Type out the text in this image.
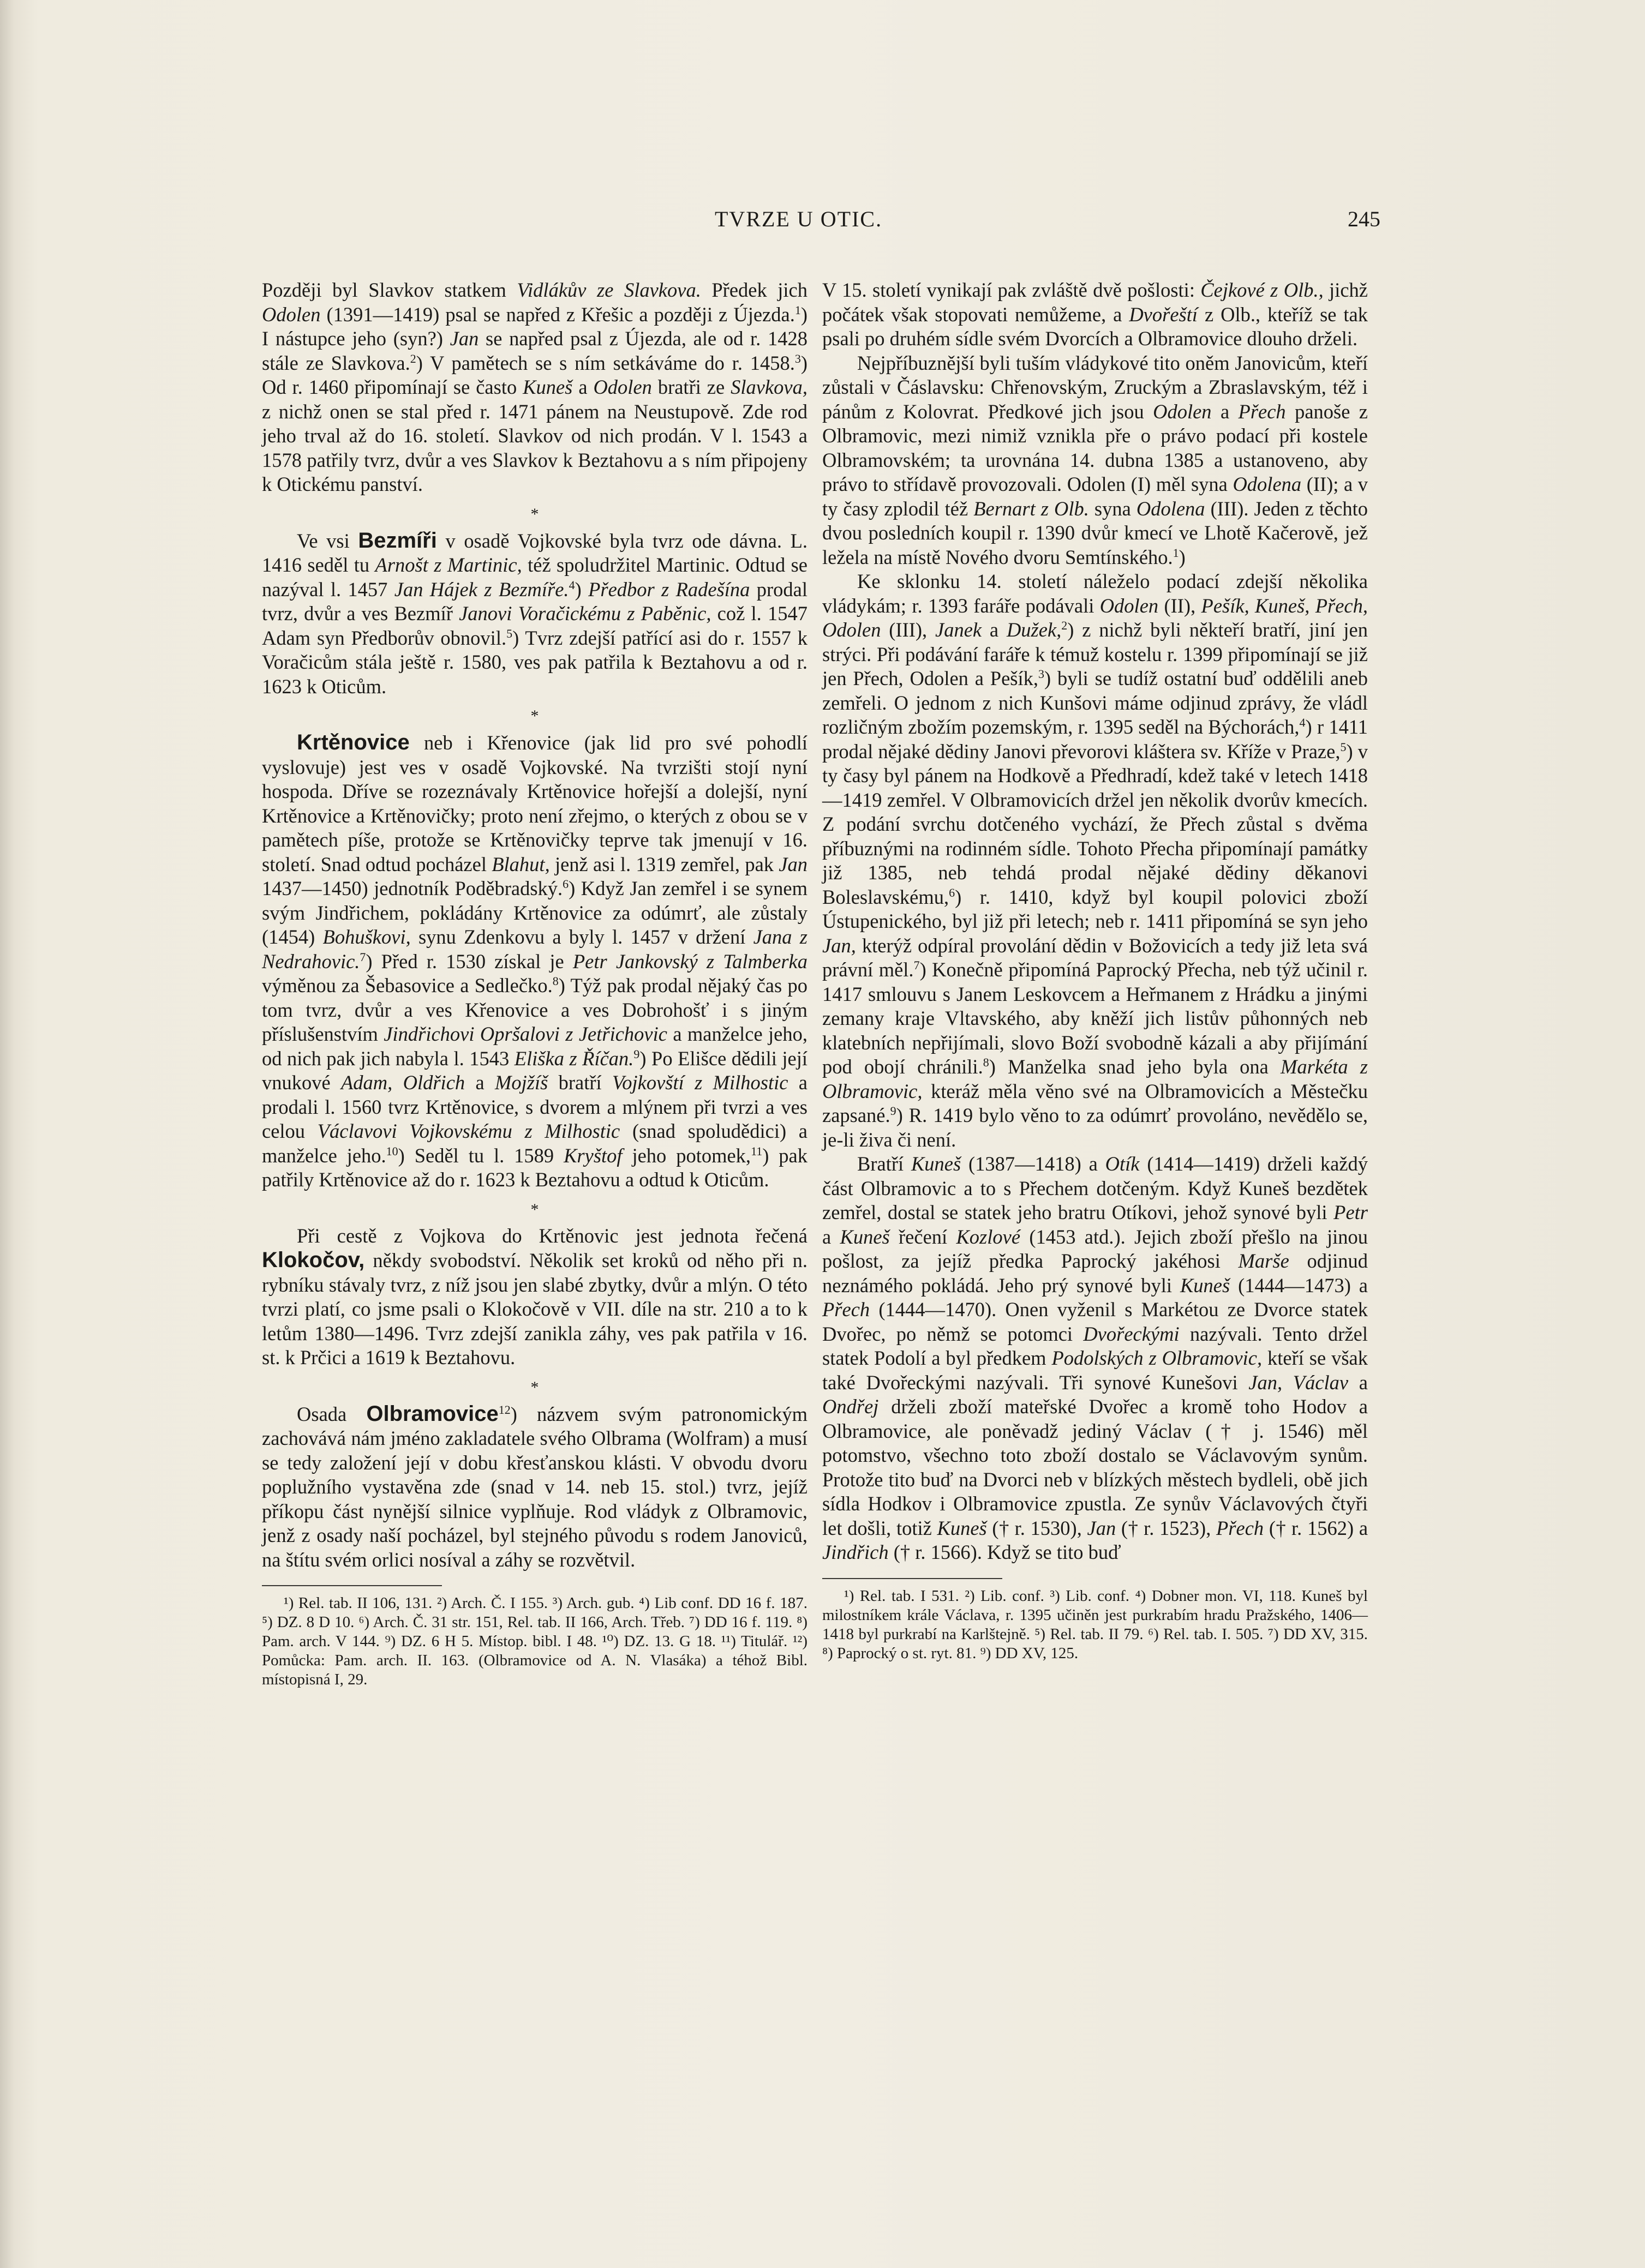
TVRZE U OTIC.	245

Později byl Slavkov statkem Vidlákův ze Slavkova. Předek jich Odolen (1391—1419) psal se napřed z Křešic a později z Újezda.$^1$) I nástupce jeho (syn?) Jan se napřed psal z Újezda, ale od r. 1428 stále ze Slavkova.$^2$) V pamětech se s ním setkáváme do r. 1458.$^3$) Od r. 1460 připomínají se často Kuneš a Odolen bratři ze Slavkova, z nichž onen se stal před r. 1471 pánem na Neustupově. Zde rod jeho trval až do 16. století. Slavkov od nich prodán. V l. 1543 a 1578 patřily tvrz, dvůr a ves Slavkov k Beztahovu a s ním připojeny k Otickému panství.

*

Ve vsi Bezmíři v osadě Vojkovské byla tvrz ode dávna. L. 1416 seděl tu Arnošt z Martinic, též spoludržitel Martinic. Odtud se nazýval l. 1457 Jan Hájek z Bezmíře.$^4$) Předbor z Radešína prodal tvrz, dvůr a ves Bezmíř Janovi Voračickému z Paběnic, což l. 1547 Adam syn Předborův obnovil.$^5$) Tvrz zdejší patřící asi do r. 1557 k Voračicům stála ještě r. 1580, ves pak patřila k Beztahovu a od r. 1623 k Oticům.

*

Krtěnovice neb i Křenovice (jak lid pro své pohodlí vyslovuje) jest ves v osadě Vojkovské. Na tvrzišti stojí nyní hospoda. Dříve se rozeznávaly Krtěnovice hořejší a dolejší, nyní Krtěnovice a Krtěnovičky; proto není zřejmo, o kterých z obou se v pamětech píše, protože se Krtěnovičky teprve tak jmenují v 16. století. Snad odtud pocházel Blahut, jenž asi l. 1319 zemřel, pak Jan 1437—1450) jednotník Poděbradský.$^6$) Když Jan zemřel i se synem svým Jindřichem, pokládány Krtěnovice za odúmrť, ale zůstaly (1454) Bohuškovi, synu Zdenkovu a byly l. 1457 v držení Jana z Nedrahovic.$^7$) Před r. 1530 získal je Petr Jankovský z Talmberka výměnou za Šebasovice a Sedlečko.$^8$) Týž pak prodal nějaký čas po tom tvrz, dvůr a ves Křenovice a ves Dobrohošť i s jiným příslušenstvím Jindřichovi Opršalovi z Jetřichovic a manželce jeho, od nich pak jich nabyla l. 1543 Eliška z Říčan.$^9$) Po Elišce dědili její vnukové Adam, Oldřich a Mojžíš bratří Vojkovští z Milhostic a prodali l. 1560 tvrz Krtěnovice, s dvorem a mlýnem při tvrzi a ves celou Václavovi Vojkovskému z Milhostic (snad spoludědici) a manželce jeho.$^{10}$) Seděl tu l. 1589 Kryštof jeho potomek,$^{11}$) pak patřily Krtěnovice až do r. 1623 k Beztahovu a odtud k Oticům.

*

Při cestě z Vojkova do Krtěnovic jest jednota řečená Klokočov, někdy svobodství. Několik set kroků od něho při n. rybníku stávaly tvrz, z níž jsou jen slabé zbytky, dvůr a mlýn. O této tvrzi platí, co jsme psali o Klokočově v VII. díle na str. 210 a to k letům 1380—1496. Tvrz zdejší zanikla záhy, ves pak patřila v 16. st. k Prčici a 1619 k Beztahovu.

*

Osada Olbramovice$^{12}$) názvem svým patronomickým zachovává nám jméno zakladatele svého Olbrama (Wolfram) a musí se tedy založení její v dobu křesťanskou klásti. V obvodu dvoru poplužního vystavěna zde (snad v 14. neb 15. stol.) tvrz, jejíž příkopu část nynější silnice vyplňuje. Rod vládyk z Olbramovic, jenž z osady naší pocházel, byl stejného původu s rodem Janoviců, na štítu svém orlici nosíval a záhy se rozvětvil.

¹) Rel. tab. II 106, 131. ²) Arch. Č. I 155. ³) Arch. gub. ⁴) Lib conf. DD 16 f. 187. ⁵) DZ. 8 D 10. ⁶) Arch. Č. 31 str. 151, Rel. tab. II 166, Arch. Třeb. ⁷) DD 16 f. 119. ⁸) Pam. arch. V 144. ⁹) DZ. 6 H 5. Místop. bibl. I 48. ¹⁰) DZ. 13. G 18. ¹¹) Titulář. ¹²) Pomůcka: Pam. arch. II. 163. (Olbramovice od A. N. Vlasáka) a téhož Bibl. místopisná I, 29.

V 15. století vynikají pak zvláště dvě pošlosti: Čejkové z Olb., jichž počátek však stopovati nemůžeme, a Dvořeští z Olb., kteříž se tak psali po druhém sídle svém Dvorcích a Olbramovice dlouho drželi.

Nejpříbuznější byli tuším vládykové tito oněm Janovicům, kteří zůstali v Čáslavsku: Chřenovským, Zruckým a Zbraslavským, též i pánům z Kolovrat. Předkové jich jsou Odolen a Přech panoše z Olbramovic, mezi nimiž vznikla pře o právo podací při kostele Olbramovském; ta urovnána 14. dubna 1385 a ustanoveno, aby právo to střídavě provozovali. Odolen (I) měl syna Odolena (II); a v ty časy zplodil též Bernart z Olb. syna Odolena (III). Jeden z těchto dvou posledních koupil r. 1390 dvůr kmecí ve Lhotě Kačerově, jež ležela na místě Nového dvoru Semtínského.$^1$)

Ke sklonku 14. století náleželo podací zdejší několika vládykám; r. 1393 faráře podávali Odolen (II), Pešík, Kuneš, Přech, Odolen (III), Janek a Dužek,$^2$) z nichž byli někteří bratří, jiní jen strýci. Při podávání faráře k témuž kostelu r. 1399 připomínají se již jen Přech, Odolen a Pešík,$^3$) byli se tudíž ostatní buď oddělili aneb zemřeli. O jednom z nich Kunšovi máme odjinud zprávy, že vládl rozličným zbožím pozemským, r. 1395 seděl na Býchorách,$^4$) r 1411 prodal nějaké dědiny Janovi převorovi kláštera sv. Kříže v Praze,$^5$) v ty časy byl pánem na Hodkově a Předhradí, kdež také v letech 1418—1419 zemřel. V Olbramovicích držel jen několik dvorův kmecích. Z podání svrchu dotčeného vychází, že Přech zůstal s dvěma příbuznými na rodinném sídle. Tohoto Přecha připomínají památky již 1385, neb tehdá prodal nějaké dědiny děkanovi Boleslavskému,$^6$) r. 1410, když byl koupil polovici zboží Ústupenického, byl již při letech; neb r. 1411 připomíná se syn jeho Jan, kterýž odpíral provolání dědin v Božovicích a tedy již leta svá právní měl.$^7$) Konečně připomíná Paprocký Přecha, neb týž učinil r. 1417 smlouvu s Janem Leskovcem a Heřmanem z Hrádku a jinými zemany kraje Vltavského, aby kněží jich listův půhonných neb klatebních nepřijímali, slovo Boží svobodně kázali a aby přijímání pod obojí chránili.$^8$) Manželka snad jeho byla ona Markéta z Olbramovic, kteráž měla věno své na Olbramovicích a Městečku zapsané.$^9$) R. 1419 bylo věno to za odúmrť provoláno, nevědělo se, je-li živa či není.

Bratří Kuneš (1387—1418) a Otík (1414—1419) drželi každý část Olbramovic a to s Přechem dotčeným. Když Kuneš bezdětek zemřel, dostal se statek jeho bratru Otíkovi, jehož synové byli Petr a Kuneš řečení Kozlové (1453 atd.). Jejich zboží přešlo na jinou pošlost, za jejíž předka Paprocký jakéhosi Marše odjinud neznámého pokládá. Jeho prý synové byli Kuneš (1444—1473) a Přech (1444—1470). Onen vyženil s Markétou ze Dvorce statek Dvořec, po němž se potomci Dvořeckými nazývali. Tento držel statek Podolí a byl předkem Podolských z Olbramovic, kteří se však také Dvořeckými nazývali. Tři synové Kunešovi Jan, Václav a Ondřej drželi zboží mateřské Dvořec a kromě toho Hodov a Olbramovice, ale poněvadž jediný Václav († j. 1546) měl potomstvo, všechno toto zboží dostalo se Václavovým synům. Protože tito buď na Dvorci neb v blízkých městech bydleli, obě jich sídla Hodkov i Olbramovice zpustla. Ze synův Václavových čtyři let došli, totiž Kuneš († r. 1530), Jan († r. 1523), Přech († r. 1562) a Jindřich († r. 1566). Když se tito buď

¹) Rel. tab. I 531. ²) Lib. conf. ³) Lib. conf. ⁴) Dobner mon. VI, 118. Kuneš byl milostníkem krále Václava, r. 1395 učiněn jest purkrabím hradu Pražského, 1406—1418 byl purkrabí na Karlštejně. ⁵) Rel. tab. II 79. ⁶) Rel. tab. I. 505. ⁷) DD XV, 315. ⁸) Paprocký o st. ryt. 81. ⁹) DD XV, 125.
